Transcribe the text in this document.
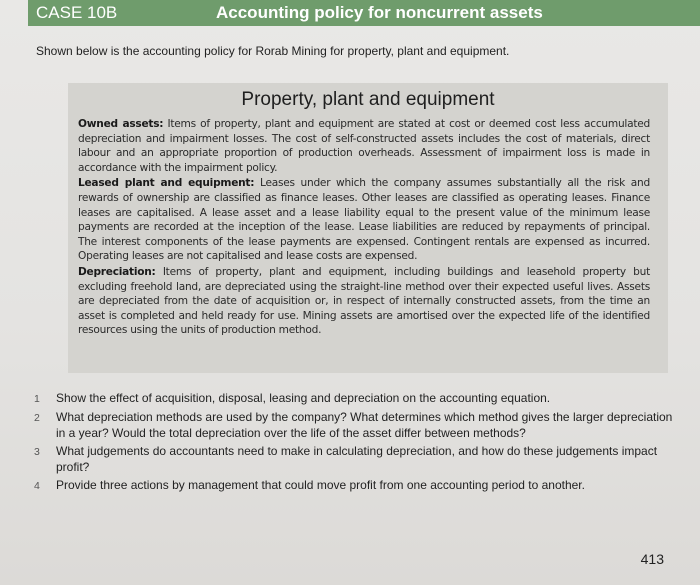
CASE 10B	Accounting policy for noncurrent assets
Shown below is the accounting policy for Rorab Mining for property, plant and equipment.
Property, plant and equipment

Owned assets: Items of property, plant and equipment are stated at cost or deemed cost less accumulated depreciation and impairment losses. The cost of self-constructed assets includes the cost of materials, direct labour and an appropriate proportion of production overheads. Assessment of impairment loss is made in accordance with the impairment policy.

Leased plant and equipment: Leases under which the company assumes substantially all the risk and rewards of ownership are classified as finance leases. Other leases are classified as operating leases. Finance leases are capitalised. A lease asset and a lease liability equal to the present value of the minimum lease payments are recorded at the inception of the lease. Lease liabilities are reduced by repayments of principal. The interest components of the lease payments are expensed. Contingent rentals are expensed as incurred. Operating leases are not capitalised and lease costs are expensed.

Depreciation: Items of property, plant and equipment, including buildings and leasehold property but excluding freehold land, are depreciated using the straight-line method over their expected useful lives. Assets are depreciated from the date of acquisition or, in respect of internally constructed assets, from the time an asset is completed and held ready for use. Mining assets are amortised over the expected life of the identified resources using the units of production method.

1	Show the effect of acquisition, disposal, leasing and depreciation on the accounting equation.
2	What depreciation methods are used by the company? What determines which method gives the larger depreciation in a year? Would the total depreciation over the life of the asset differ between methods?
3	What judgements do accountants need to make in calculating depreciation, and how do these judgements impact profit?
4	Provide three actions by management that could move profit from one accounting period to another.
413
